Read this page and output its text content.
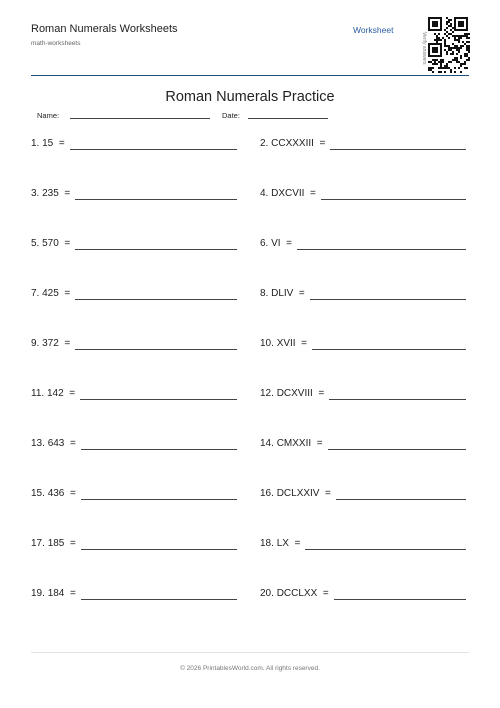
Roman Numerals Worksheets
math-worksheets
Worksheet
Verify answers
Roman Numerals Practice
Name:	Date:
1. 15 =	2. CCXXXIII =
3. 235 =	4. DXCVII =
5. 570 =	6. VI =
7. 425 =	8. DLIV =
9. 372 =	10. XVII =
11. 142 =	12. DCXVIII =
13. 643 =	14. CMXXII =
15. 436 =	16. DCLXXIV =
17. 185 =	18. LX =
19. 184 =	20. DCCLXX =
© 2026 PrintablesWorld.com. All rights reserved.
